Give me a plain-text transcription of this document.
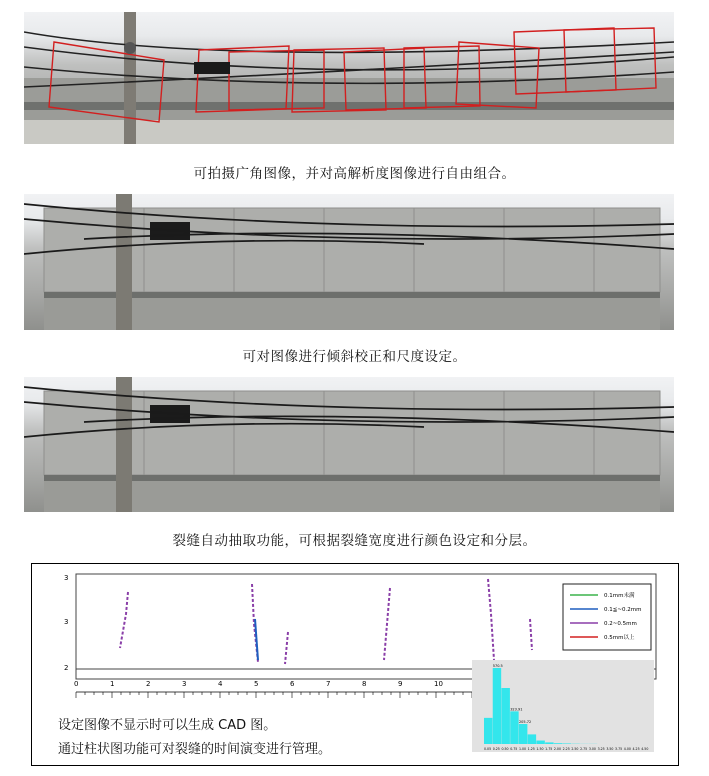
可拍摄广角图像，并对高解析度图像进行自由组合。
可对图像进行倾斜校正和尺度设定。
裂缝自动抽取功能，可根据裂缝宽度进行颜色设定和分层。
3
3
2
0	1	2	3	4	5	6	7	8	9	10
0.1mm未满
0.1≦~0.2mm
0.2~0.5mm
0.5mm以上
0.05
570.5
0.25 0.50
323.91
0.75
205.72
1.00 1.25 1.50 1.75 2.00 2.25 2.50 2.75 3.00 3.25 3.50 3.75 4.00 4.25 4.50
设定图像不显示时可以生成 CAD 图。
通过柱状图功能可对裂缝的时间演变进行管理。
